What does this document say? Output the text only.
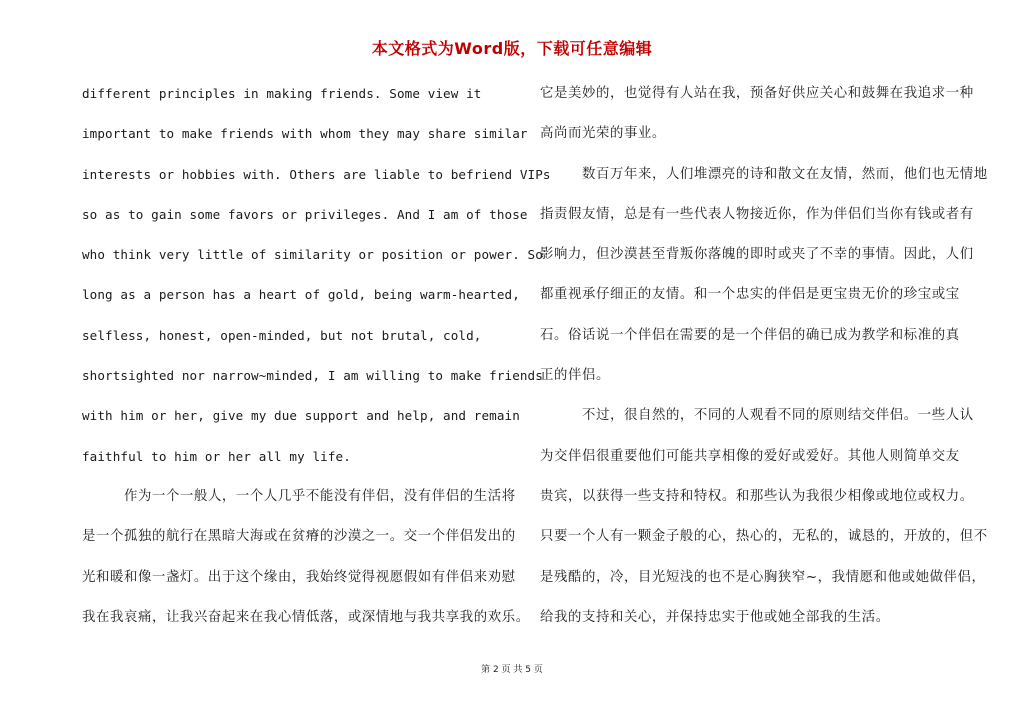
本文格式为Word版，下载可任意编辑
different principles in making friends. Some view it
important to make friends with whom they may share similar
interests or hobbies with. Others are liable to befriend VIPs
so as to gain some favors or privileges. And I am of those
who think very little of similarity or position or power. So
long as a person has a heart of gold, being warm-hearted,
selfless, honest, open-minded, but not brutal, cold,
shortsighted nor narrow~minded, I am willing to make friends
with him or her, give my due support and help, and remain
faithful to him or her all my life.
作为一个一般人，一个人几乎不能没有伴侣，没有伴侣的生活将
是一个孤独的航行在黑暗大海或在贫瘠的沙漠之一。交一个伴侣发出的
光和暖和像一盏灯。出于这个缘由，我始终觉得视愿假如有伴侣来劝慰
我在我哀痛，让我兴奋起来在我心情低落，或深情地与我共享我的欢乐。
它是美妙的，也觉得有人站在我，预备好供应关心和鼓舞在我追求一种
高尚而光荣的事业。
数百万年来，人们堆漂亮的诗和散文在友情，然而，他们也无情地
指责假友情，总是有一些代表人物接近你，作为伴侣们当你有钱或者有
影响力，但沙漠甚至背叛你落魄的即时或夹了不幸的事情。因此，人们
都重视承仔细正的友情。和一个忠实的伴侣是更宝贵无价的珍宝或宝
石。俗话说一个伴侣在需要的是一个伴侣的确已成为教学和标准的真
正的伴侣。
不过，很自然的，不同的人观看不同的原则结交伴侣。一些人认
为交伴侣很重要他们可能共享相像的爱好或爱好。其他人则简单交友
贵宾，以获得一些支持和特权。和那些认为我很少相像或地位或权力。
只要一个人有一颗金子般的心，热心的，无私的，诚恳的，开放的，但不
是残酷的，冷，目光短浅的也不是心胸狭窄~，我情愿和他或她做伴侣，
给我的支持和关心，并保持忠实于他或她全部我的生活。
第 2 页 共 5 页
